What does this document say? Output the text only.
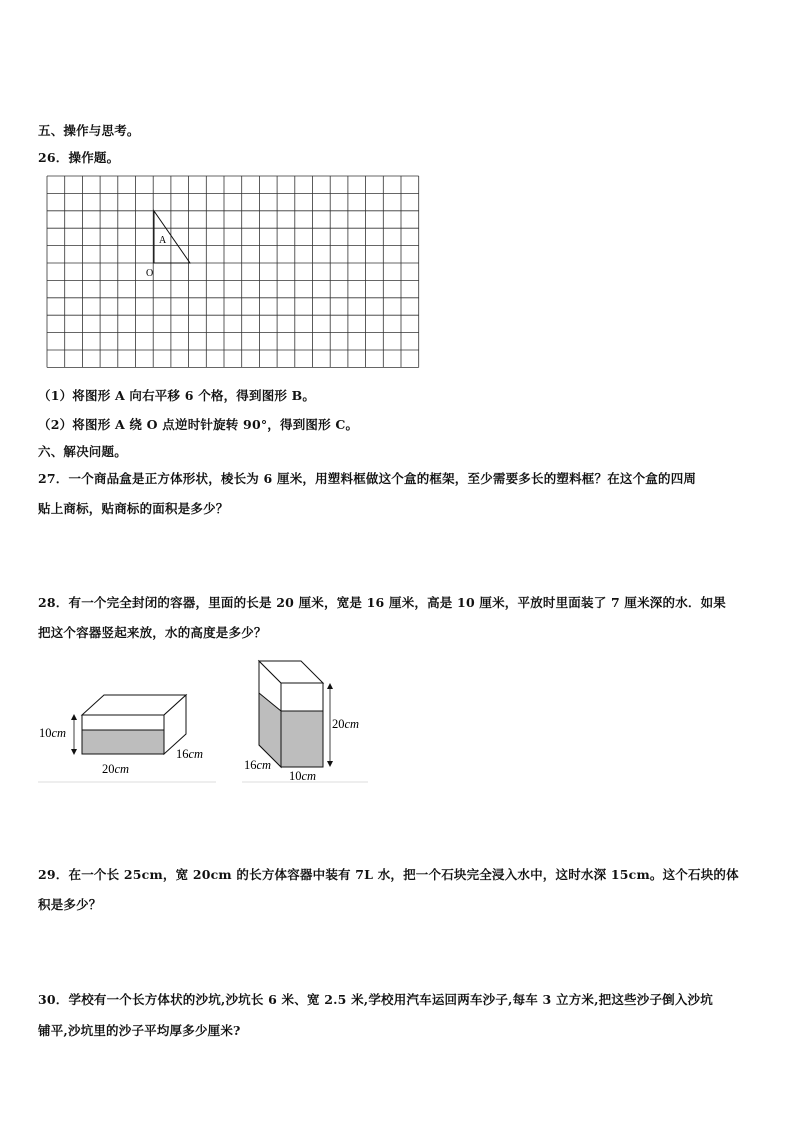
五、操作与思考。
26．操作题。
A
O
（1）将图形 A 向右平移 6 个格，得到图形 B。
（2）将图形 A 绕 O 点逆时针旋转 90°，得到图形 C。
六、解决问题。
27．一个商品盒是正方体形状，棱长为 6 厘米，用塑料框做这个盒的框架，至少需要多长的塑料框？在这个盒的四周
贴上商标，贴商标的面积是多少？
28．有一个完全封闭的容器，里面的长是 20 厘米，宽是 16 厘米，高是 10 厘米，平放时里面装了 7 厘米深的水．如果
把这个容器竖起来放，水的高度是多少？
10cm
20cm
16cm
20cm
16cm
10cm
29．在一个长 25cm，宽 20cm 的长方体容器中装有 7L 水，把一个石块完全浸入水中，这时水深 15cm。这个石块的体
积是多少？
30．学校有一个长方体状的沙坑,沙坑长 6 米、宽 2.5 米,学校用汽车运回两车沙子,每车 3 立方米,把这些沙子倒入沙坑
铺平,沙坑里的沙子平均厚多少厘米?
